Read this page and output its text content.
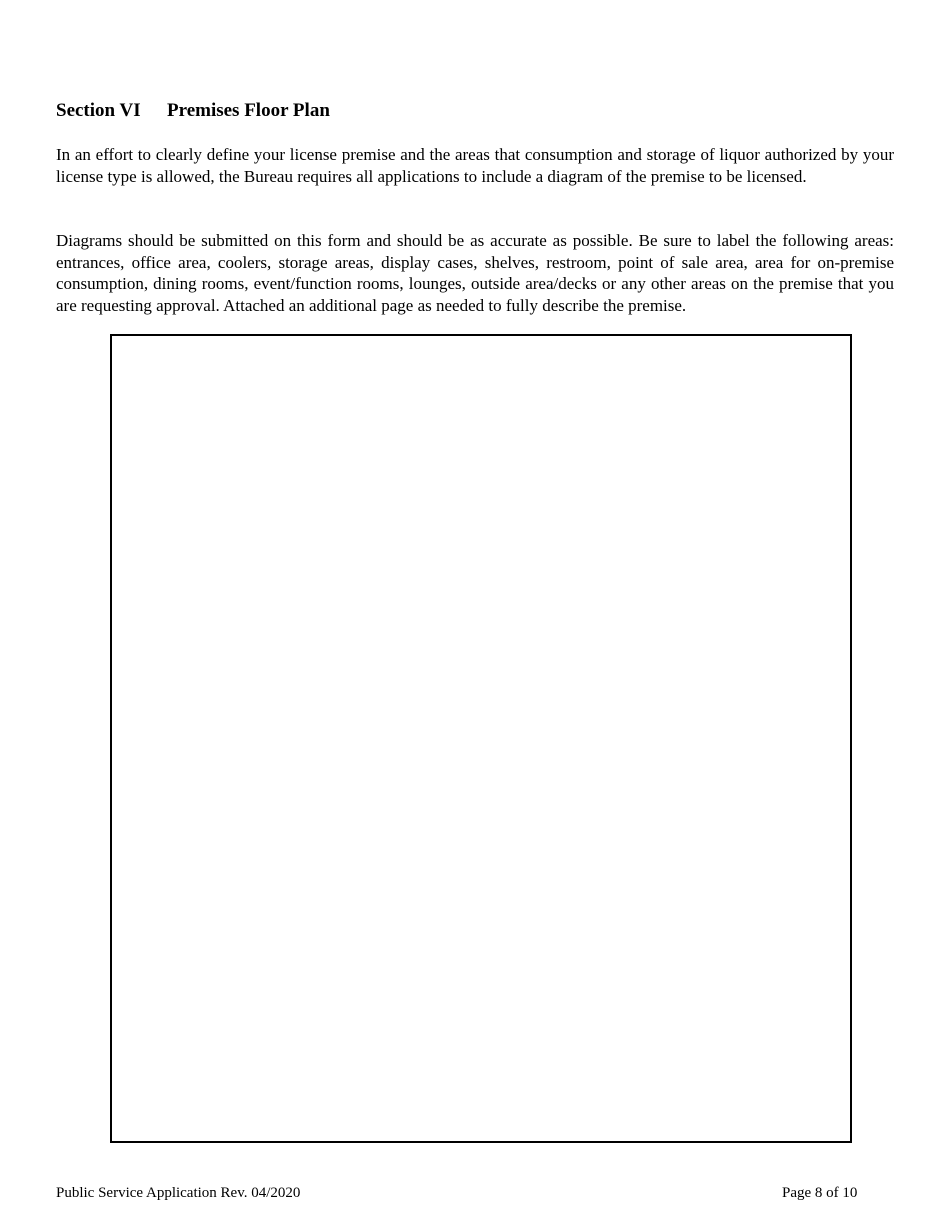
Section VI Premises Floor Plan

In an effort to clearly define your license premise and the areas that consumption and storage of liquor authorized by your license type is allowed, the Bureau requires all applications to include a diagram of the premise to be licensed.

Diagrams should be submitted on this form and should be as accurate as possible. Be sure to label the following areas: entrances, office area, coolers, storage areas, display cases, shelves, restroom, point of sale area, area for on-premise consumption, dining rooms, event/function rooms, lounges, outside area/decks or any other areas on the premise that you are requesting approval. Attached an additional page as needed to fully describe the premise.

Public Service Application Rev. 04/2020	Page 8 of 10
